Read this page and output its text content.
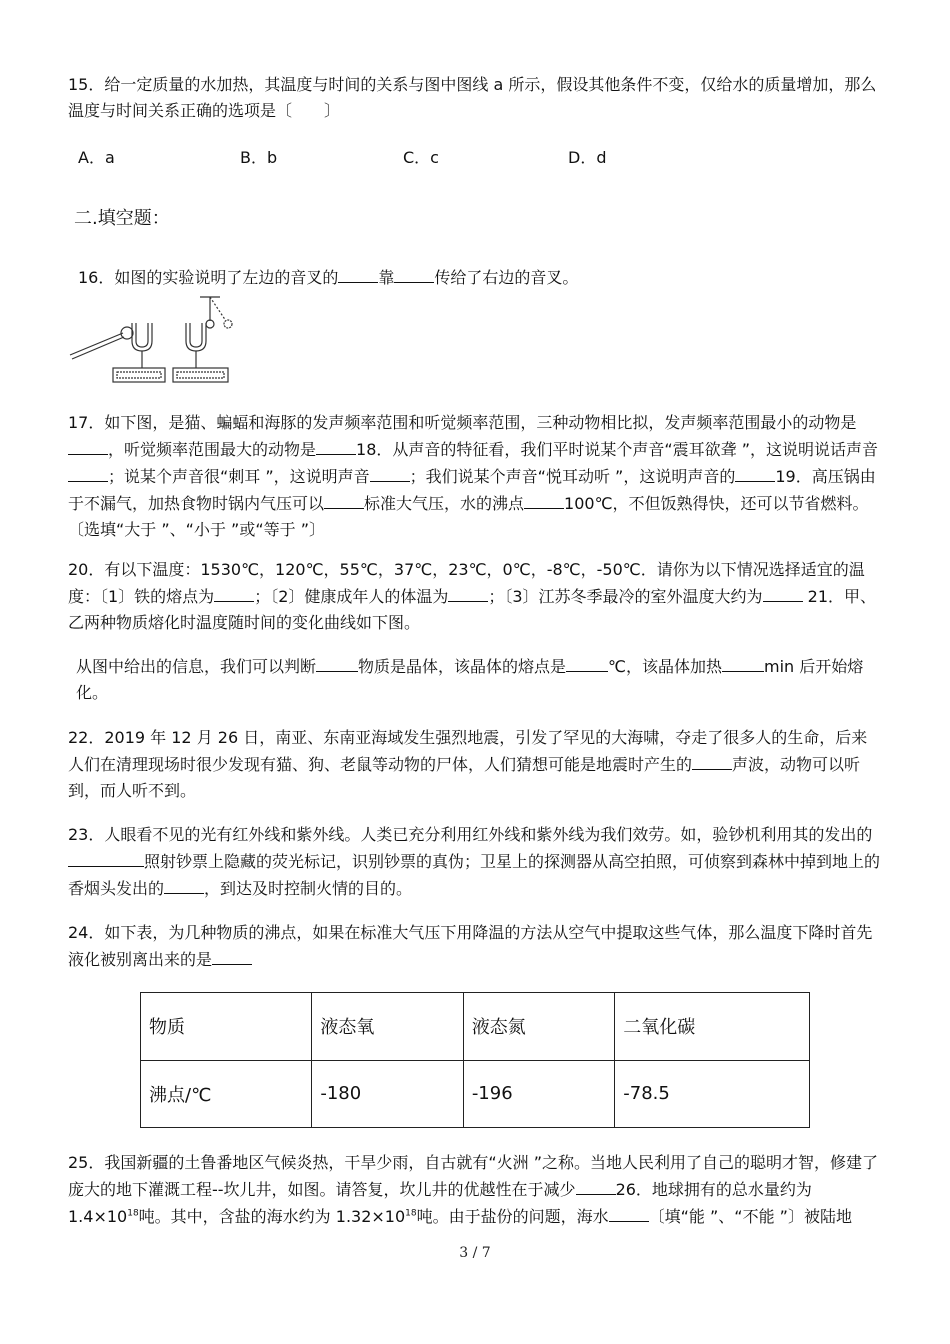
15．给一定质量的水加热，其温度与时间的关系与图中图线 a 所示，假设其他条件不变，仅给水的质量增加，那么温度与时间关系正确的选项是〔　　〕

A．a	B．b	C．c	D．d
二.填空题：

16．如图的实验说明了左边的音叉的	靠	传给了右边的音叉。

17．如下图，是猫、蝙蝠和海豚的发声频率范围和听觉频率范围，三种动物相比拟，发声频率范围最小的动物是，听觉频率范围最大的动物是	18．从声音的特征看，我们平时说某个声音“震耳欲聋 ”，这说明说话声音；说某个声音很“刺耳 ”，这说明声音	；我们说某个声音“悦耳动听 ”，这说明声音的	19．高压锅由于不漏气，加热食物时锅内气压可以	标准大气压，水的沸点	100℃，不但饭熟得快，还可以节省燃料。〔选填“大于 ”、“小于 ”或“等于 ”〕

20．有以下温度：1530℃，120℃，55℃，37℃，23℃，0℃，-8℃，-50℃．请你为以下情况选择适宜的温度：〔1〕铁的熔点为	；〔2〕健康成年人的体温为	；〔3〕江苏冬季最冷的室外温度大约为	21．甲、乙两种物质熔化时温度随时间的变化曲线如下图。

从图中给出的信息，我们可以判断	物质是晶体，该晶体的熔点是	℃，该晶体加热	min 后开始熔化。

22．2019 年 12 月 26 日，南亚、东南亚海域发生强烈地震，引发了罕见的大海啸，夺走了很多人的生命，后来人们在清理现场时很少发现有猫、狗、老鼠等动物的尸体，人们猜想可能是地震时产生的	声波，动物可以听到，而人听不到。

23．人眼看不见的光有红外线和紫外线。人类已充分利用红外线和紫外线为我们效劳。如，验钞机利用其的发出的照射钞票上隐藏的荧光标记，识别钞票的真伪；卫星上的探测器从高空拍照，可侦察到森林中掉到地上的香烟头发出的	，到达及时控制火情的目的。

24．如下表，为几种物质的沸点，如果在标准大气压下用降温的方法从空气中提取这些气体，那么温度下降时首先液化被别离出来的是

物质	液态氧	液态氮	二氧化碳
沸点/℃	-180	-196	-78.5

25．我国新疆的土鲁番地区气候炎热，干旱少雨，自古就有“火洲 ”之称。当地人民利用了自己的聪明才智，修建了庞大的地下灌溉工程--坎儿井，如图。请答复，坎儿井的优越性在于减少	26．地球拥有的总水量约为 $1.4\times 10^{18}$吨。其中，含盐的海水约为 $1.32\times 10^{18}$吨。由于盐份的问题，海水	〔填“能 ”、“不能 ”〕被陆地

3 / 7
